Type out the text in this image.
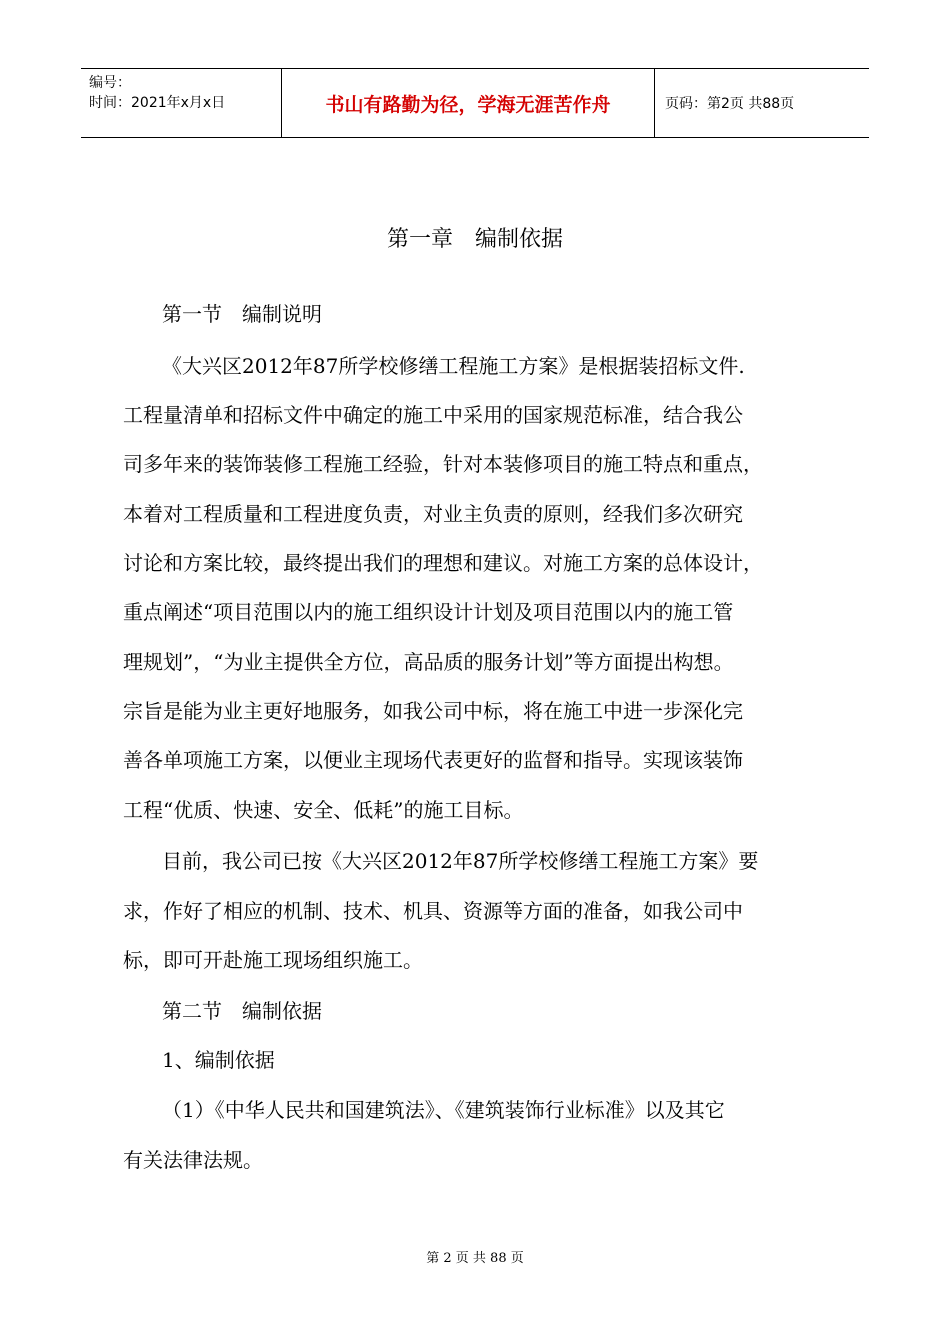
编号：
时间：2021年x月x日	书山有路勤为径，学海无涯苦作舟	页码：第2页 共88页
第一章　编制依据
第一节　编制说明
《大兴区2012年87所学校修缮工程施工方案》是根据装招标文件.
工程量清单和招标文件中确定的施工中采用的国家规范标准，结合我公
司多年来的装饰装修工程施工经验，针对本装修项目的施工特点和重点，
本着对工程质量和工程进度负责，对业主负责的原则，经我们多次研究
讨论和方案比较，最终提出我们的理想和建议。对施工方案的总体设计，
重点阐述“项目范围以内的施工组织设计计划及项目范围以内的施工管
理规划”，“为业主提供全方位，高品质的服务计划”等方面提出构想。
宗旨是能为业主更好地服务，如我公司中标，将在施工中进一步深化完
善各单项施工方案，以便业主现场代表更好的监督和指导。实现该装饰
工程“优质、快速、安全、低耗”的施工目标。
目前，我公司已按《大兴区2012年87所学校修缮工程施工方案》要
求，作好了相应的机制、技术、机具、资源等方面的准备，如我公司中
标，即可开赴施工现场组织施工。
第二节　编制依据
1、编制依据
（1）《中华人民共和国建筑法》、《建筑装饰行业标准》以及其它
有关法律法规。
第 2 页 共 88 页
